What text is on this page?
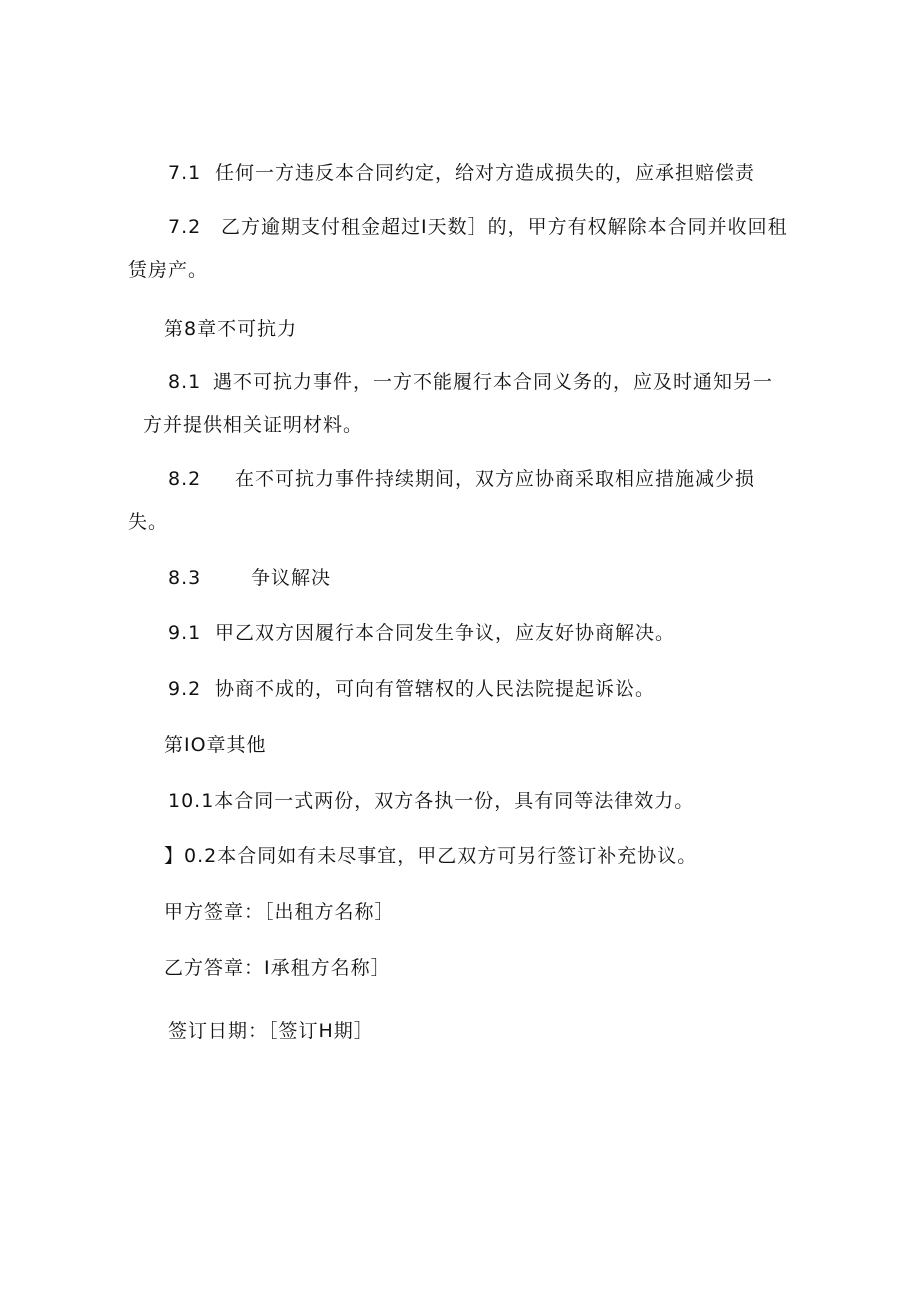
7.1 任何一方违反本合同约定，给对方造成损失的，应承担赔偿责
7.2 乙方逾期支付租金超过I天数］的，甲方有权解除本合同并收回租
赁房产。
第8章不可抗力
8.1 遇不可抗力事件，一方不能履行本合同义务的，应及时通知另一
方并提供相关证明材料。
8.2 在不可抗力事件持续期间，双方应协商采取相应措施减少损
失。
8.3	争议解决
9.1 甲乙双方因履行本合同发生争议，应友好协商解决。
9.2 协商不成的，可向有管辖权的人民法院提起诉讼。
第IO章其他
10.1本合同一式两份，双方各执一份，具有同等法律效力。
】0.2本合同如有未尽事宜，甲乙双方可另行签订补充协议。
甲方签章：［出租方名称］
乙方答章：I承租方名称］
签订日期：［签订H期］
